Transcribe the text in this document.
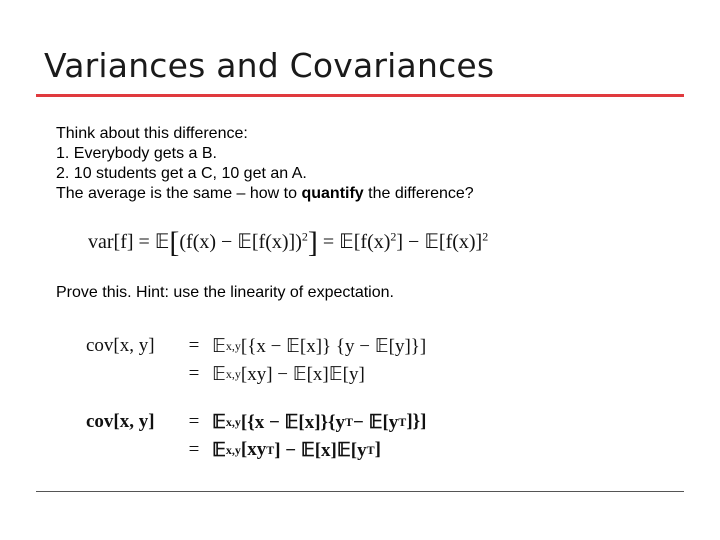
Variances and Covariances
Think about this difference:
1. Everybody gets a B.
2. 10 students get a C, 10 get an A.
The average is the same – how to quantify the difference?
var[f] = 𝔼[(f(x) − 𝔼[f(x)])$^2$] = $𝔼[f(x)^2]$ − $𝔼[f(x)]^2$
Prove this. Hint: use the linearity of expectation.
cov[x, y]	= 𝔼 x,y [{x − 𝔼[x]} {y − 𝔼[y]}]
= 𝔼 x,y [xy] − 𝔼[x]𝔼[y]
cov[x, y]	= 𝔼 x,y [{x − 𝔼[x]}{y T − 𝔼[y T ]}]
= 𝔼 x,y [xy T ] − 𝔼[x]𝔼[y T ]
